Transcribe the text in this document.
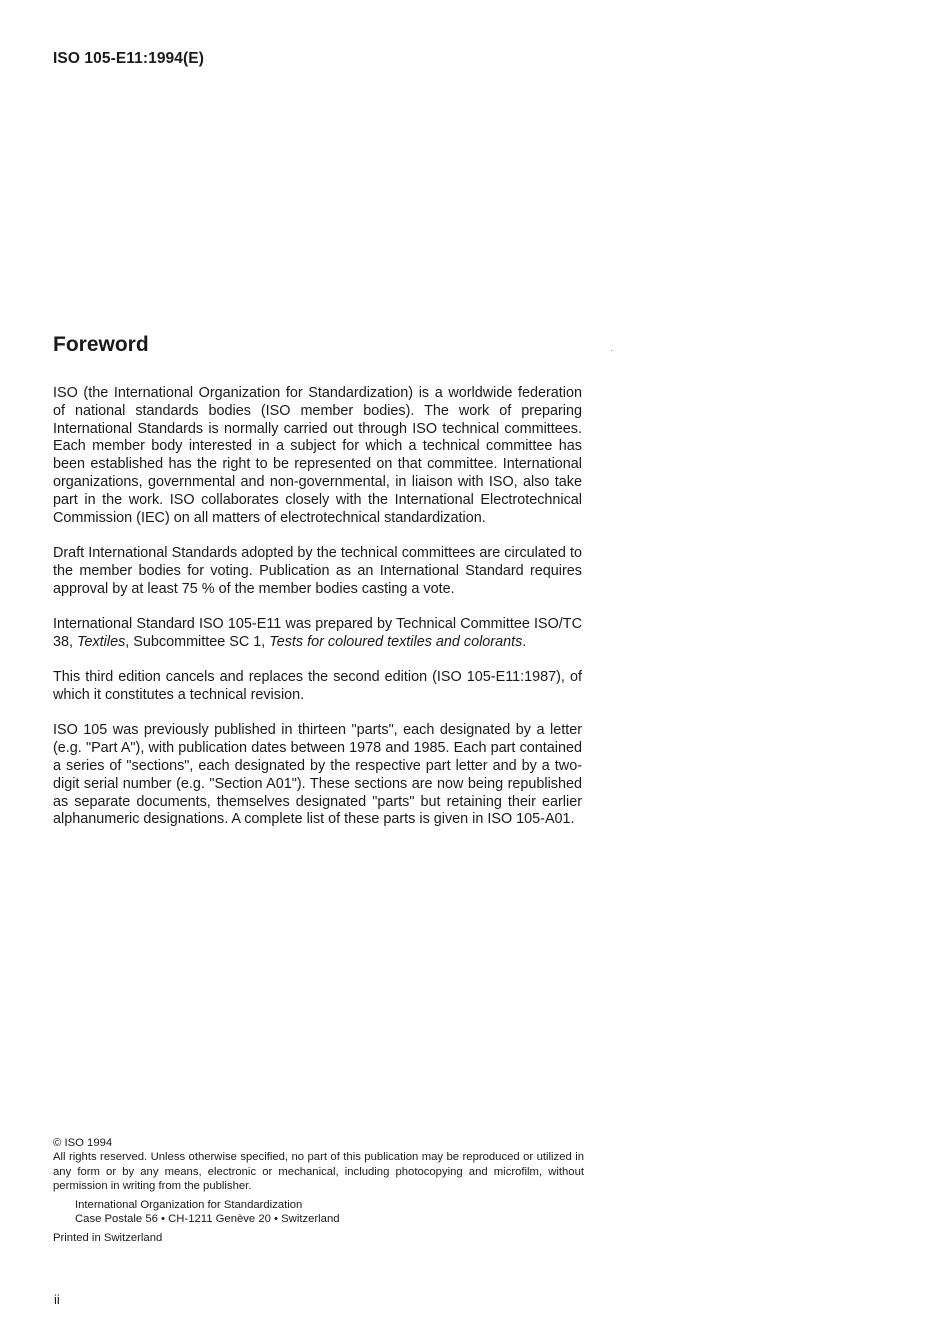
ISO 105-E11:1994(E)
Foreword

ISO (the International Organization for Standardization) is a worldwide federation of national standards bodies (ISO member bodies). The work of preparing International Standards is normally carried out through ISO technical committees. Each member body interested in a subject for which a technical committee has been established has the right to be represented on that committee. International organizations, governmental and non-governmental, in liaison with ISO, also take part in the work. ISO collaborates closely with the International Electrotechnical Commission (IEC) on all matters of electrotechnical standardization.

Draft International Standards adopted by the technical committees are circulated to the member bodies for voting. Publication as an International Standard requires approval by at least 75 % of the member bodies casting a vote.

International Standard ISO 105-E11 was prepared by Technical Committee ISO/TC 38, Textiles, Subcommittee SC 1, Tests for coloured textiles and colorants.

This third edition cancels and replaces the second edition (ISO 105-E11:1987), of which it constitutes a technical revision.

ISO 105 was previously published in thirteen "parts", each designated by a letter (e.g. "Part A"), with publication dates between 1978 and 1985. Each part contained a series of "sections", each designated by the respective part letter and by a two-digit serial number (e.g. "Section A01"). These sections are now being republished as separate documents, themselves designated "parts" but retaining their earlier alphanumeric designations. A complete list of these parts is given in ISO 105-A01.

© ISO 1994

All rights reserved. Unless otherwise specified, no part of this publication may be reproduced or utilized in any form or by any means, electronic or mechanical, including photocopying and microfilm, without permission in writing from the publisher.

International Organization for Standardization
Case Postale 56 • CH-1211 Genève 20 • Switzerland

Printed in Switzerland

ii
